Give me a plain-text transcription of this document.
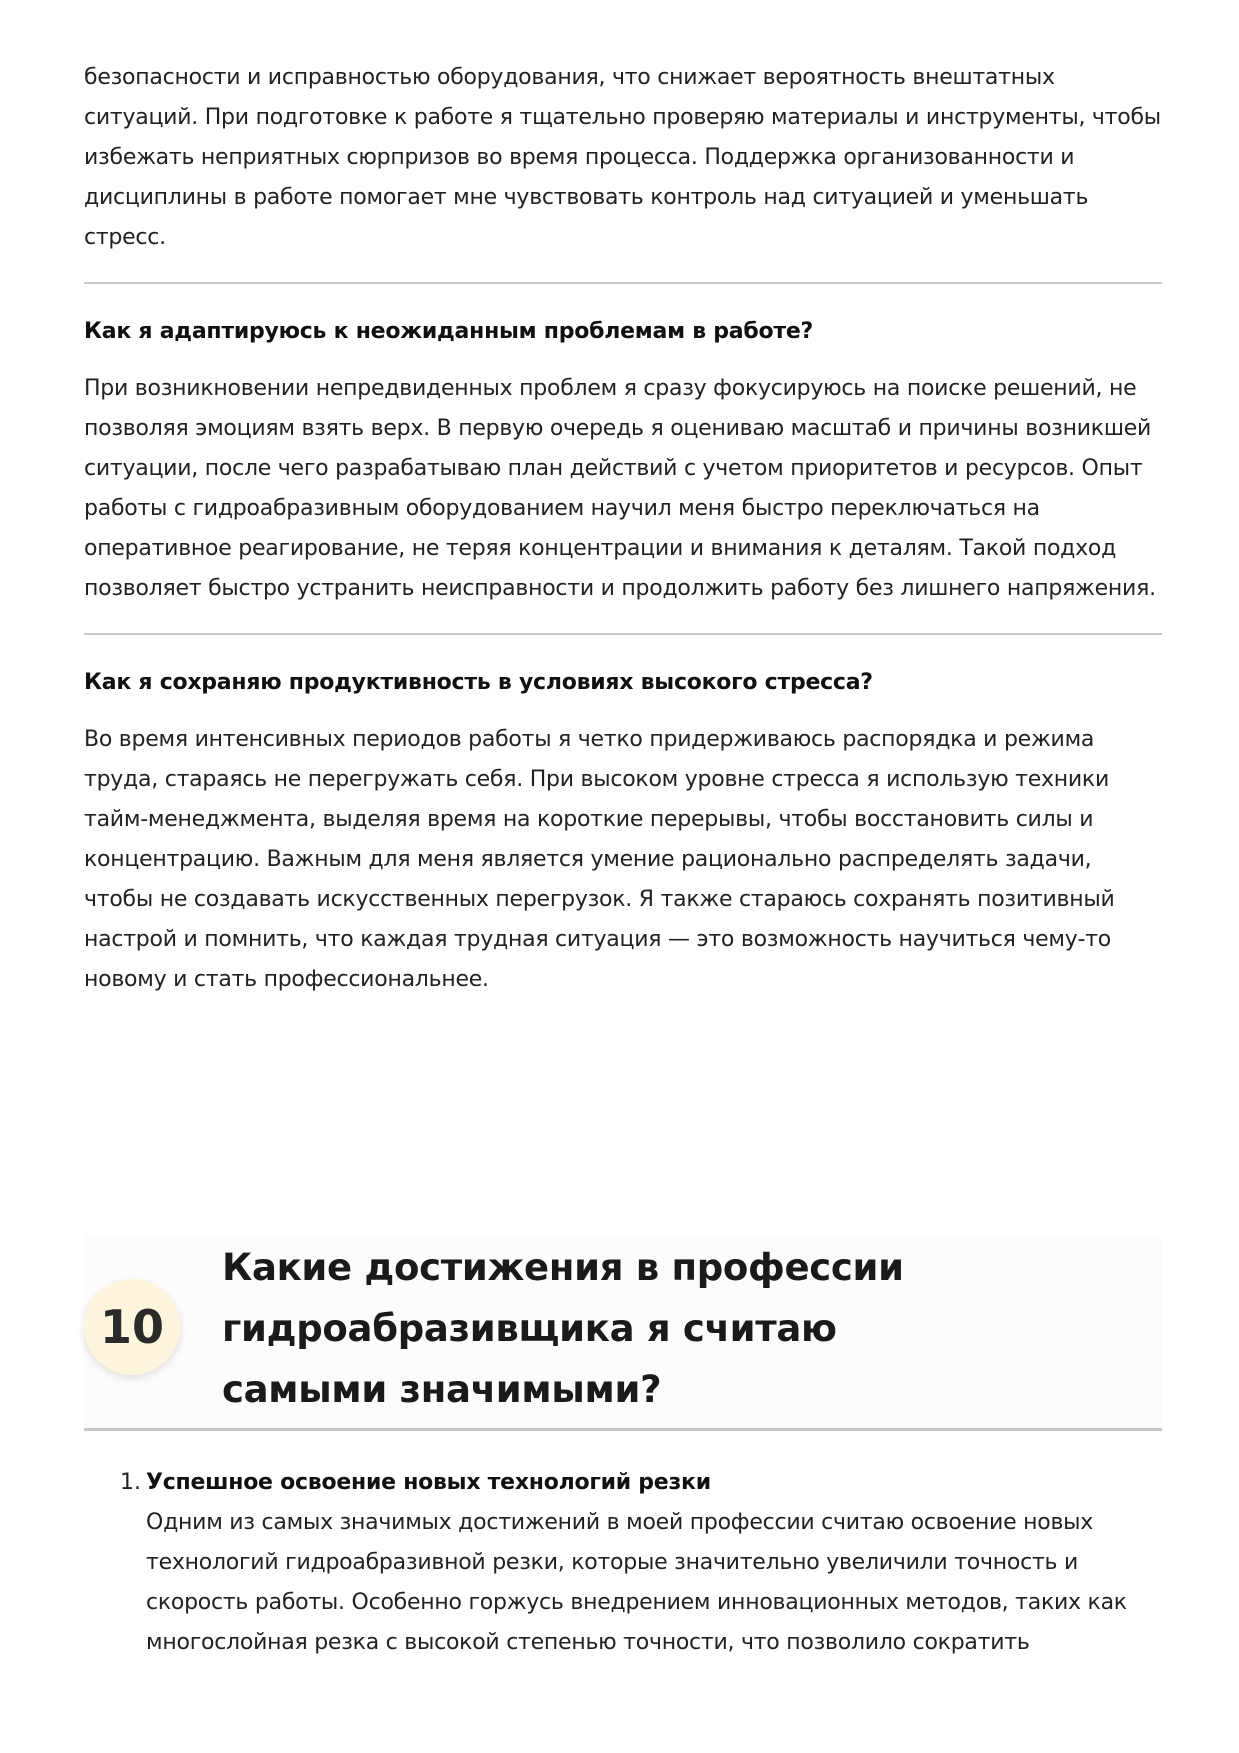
безопасности и исправностью оборудования, что снижает вероятность внештатных ситуаций. При подготовке к работе я тщательно проверяю материалы и инструменты, чтобы избежать неприятных сюрпризов во время процесса. Поддержка организованности и дисциплины в работе помогает мне чувствовать контроль над ситуацией и уменьшать стресс.

Как я адаптируюсь к неожиданным проблемам в работе?

При возникновении непредвиденных проблем я сразу фокусируюсь на поиске решений, не позволяя эмоциям взять верх. В первую очередь я оцениваю масштаб и причины возникшей ситуации, после чего разрабатываю план действий с учетом приоритетов и ресурсов. Опыт работы с гидроабразивным оборудованием научил меня быстро переключаться на оперативное реагирование, не теряя концентрации и внимания к деталям. Такой подход позволяет быстро устранить неисправности и продолжить работу без лишнего напряжения.

Как я сохраняю продуктивность в условиях высокого стресса?

Во время интенсивных периодов работы я четко придерживаюсь распорядка и режима труда, стараясь не перегружать себя. При высоком уровне стресса я использую техники тайм-менеджмента, выделяя время на короткие перерывы, чтобы восстановить силы и концентрацию. Важным для меня является умение рационально распределять задачи, чтобы не создавать искусственных перегрузок. Я также стараюсь сохранять позитивный настрой и помнить, что каждая трудная ситуация — это возможность научиться чему-то новому и стать профессиональнее.

10
Какие достижения в профессии гидроабразивщика я считаю самыми значимыми?
1. Успешное освоение новых технологий резки

Одним из самых значимых достижений в моей профессии считаю освоение новых технологий гидроабразивной резки, которые значительно увеличили точность и скорость работы. Особенно горжусь внедрением инновационных методов, таких как многослойная резка с высокой степенью точности, что позволило сократить
